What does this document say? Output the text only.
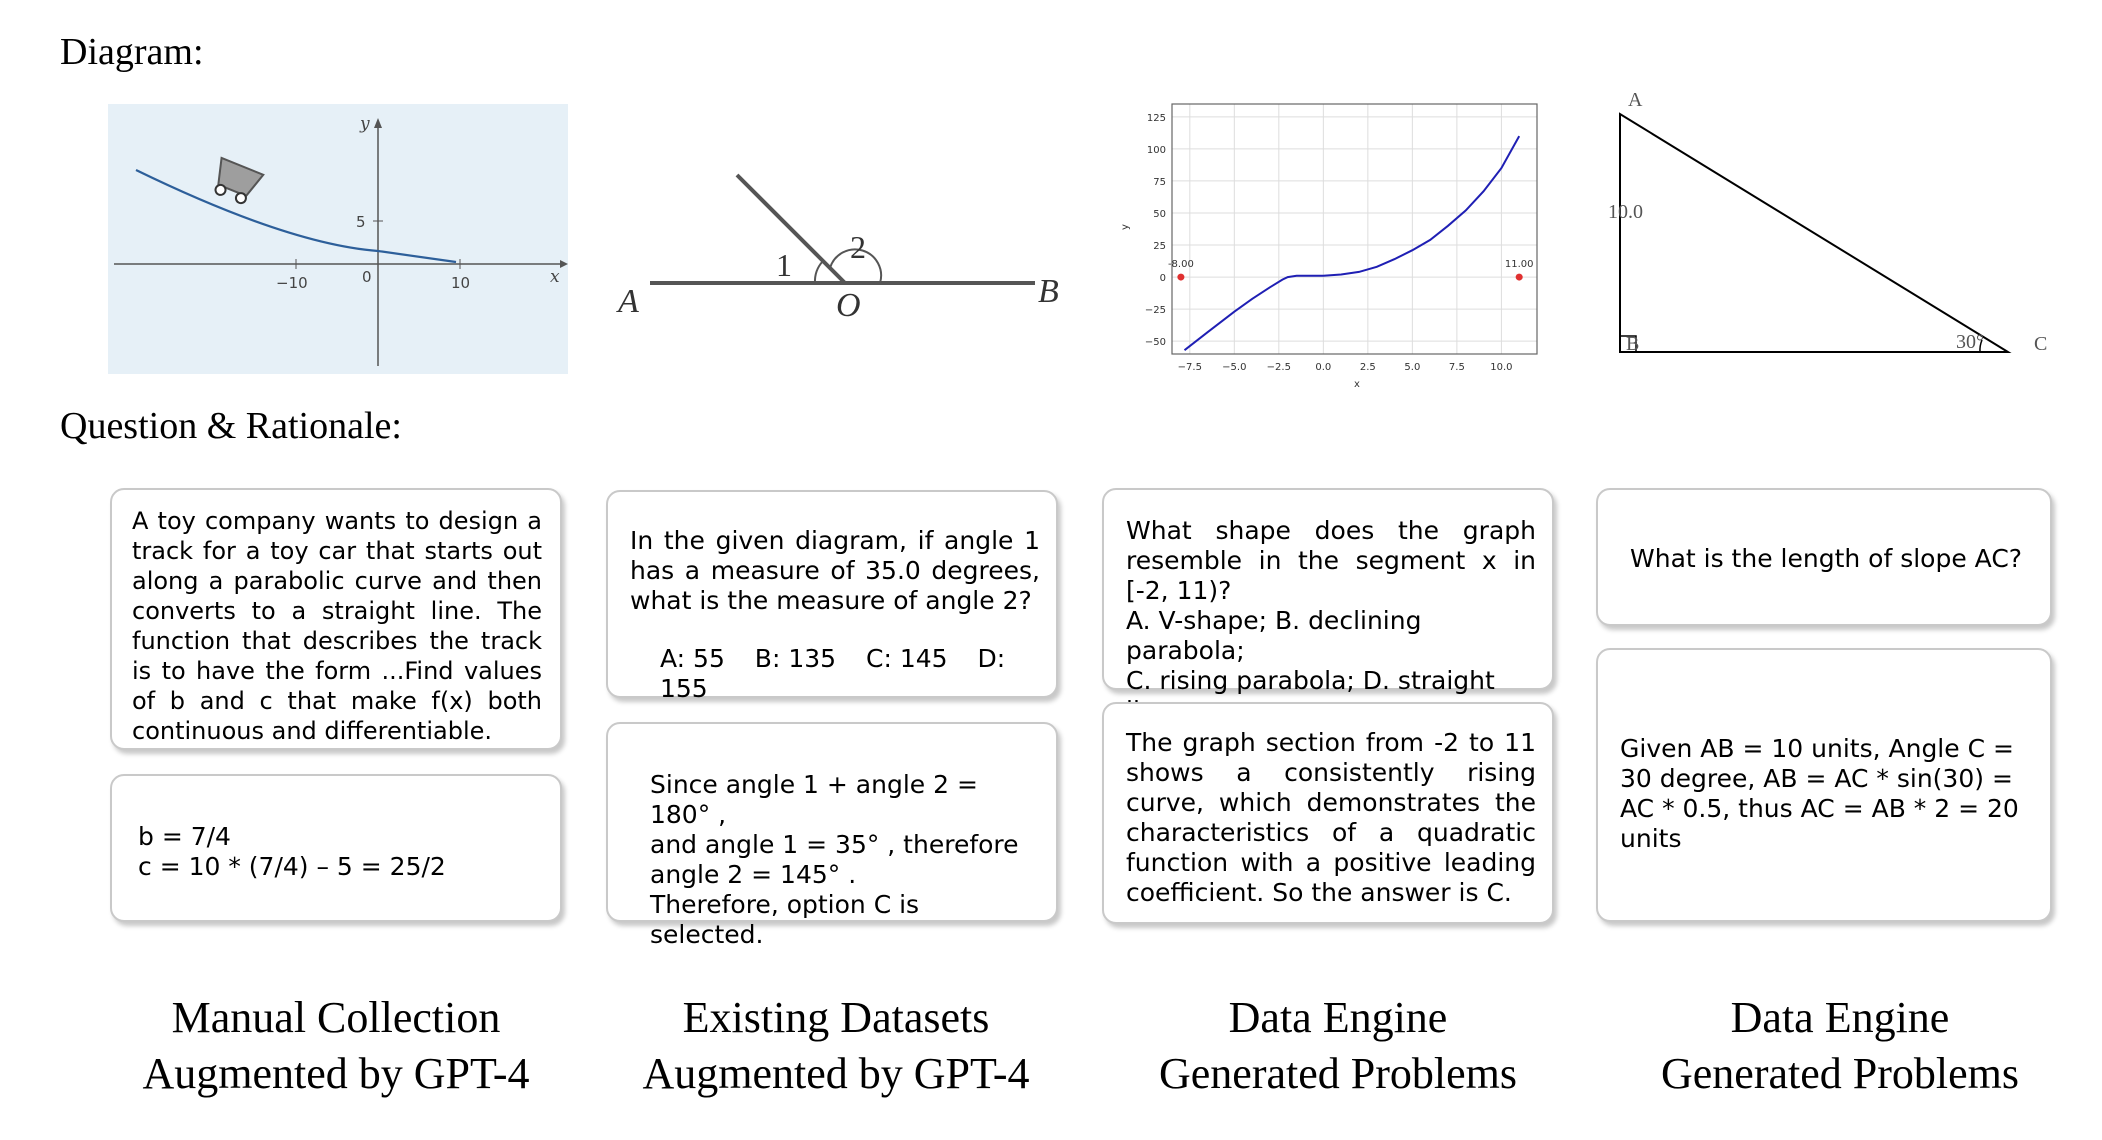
Diagram:
Question & Rationale:
y
x
−10	0	10
5
A	B
O
1 2	-8.00	11.00
−7.5 −5.0 −2.5 0.0	2.5	5.0	7.5	10.0
125
100
75
50
25
0
−25
−50
x
y
A
B	C
10.0
30°
A toy company wants to design a track for a toy car that starts out along a parabolic curve and then converts to a straight line. The function that describes the track is to have the form ...Find values of b and c that make f(x) both continuous and differentiable.
b = 7/4
c = 10 * (7/4) – 5 = 25/2
In the given diagram, if angle 1 has a measure of 35.0 degrees, what is the measure of angle 2?
A: 55 B: 135 C: 145 D: 155
Since angle 1 + angle 2 = 180° ,
and angle 1 = 35° , therefore
angle 2 = 145° .
Therefore, option C is selected.
What shape does the graph resemble in the segment x in [-2, 11)?
A. V-shape; B. declining parabola;
C. rising parabola; D. straight
The graph section from -2 to 11 shows a consistently rising curve, which demonstrates the characteristics of a quadratic function with a positive leading coefficient. So the answer is C.
What is the length of slope AC?
Given AB = 10 units, Angle C = 30 degree, AB = AC * sin(30) = AC * 0.5, thus AC = AB * 2 = 20 units
Manual Collection
Augmented by GPT-4
Existing Datasets
Augmented by GPT-4
Data Engine
Generated Problems
Data Engine
Generated Problems
